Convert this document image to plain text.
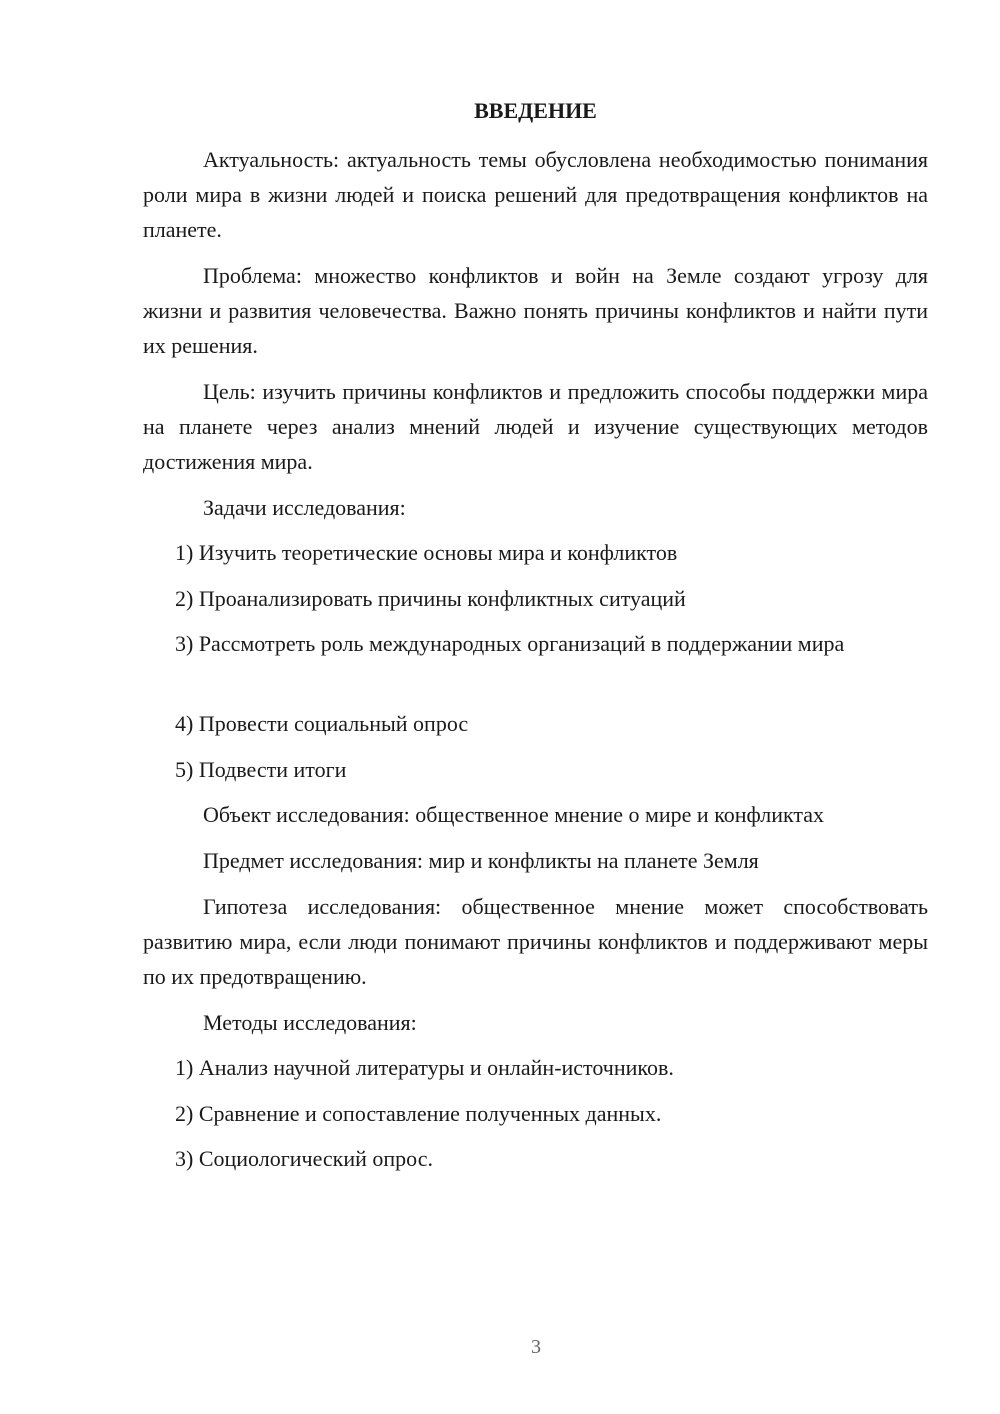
ВВЕДЕНИЕ

Актуальность: актуальность темы обусловлена необходимостью понимания роли мира в жизни людей и поиска решений для предотвращения конфликтов на планете.

Проблема: множество конфликтов и войн на Земле создают угрозу для жизни и развития человечества. Важно понять причины конфликтов и найти пути их решения.

Цель: изучить причины конфликтов и предложить способы поддержки мира на планете через анализ мнений людей и изучение существующих методов достижения мира.

Задачи исследования:

1) Изучить теоретические основы мира и конфликтов

2) Проанализировать причины конфликтных ситуаций

3) Рассмотреть роль международных организаций в поддержании мира

4) Провести социальный опрос

5) Подвести итоги

Объект исследования: общественное мнение о мире и конфликтах

Предмет исследования: мир и конфликты на планете Земля

Гипотеза исследования: общественное мнение может способствовать развитию мира, если люди понимают причины конфликтов и поддерживают меры по их предотвращению.

Методы исследования:

1) Анализ научной литературы и онлайн-источников.

2) Сравнение и сопоставление полученных данных.

3) Социологический опрос.

3
